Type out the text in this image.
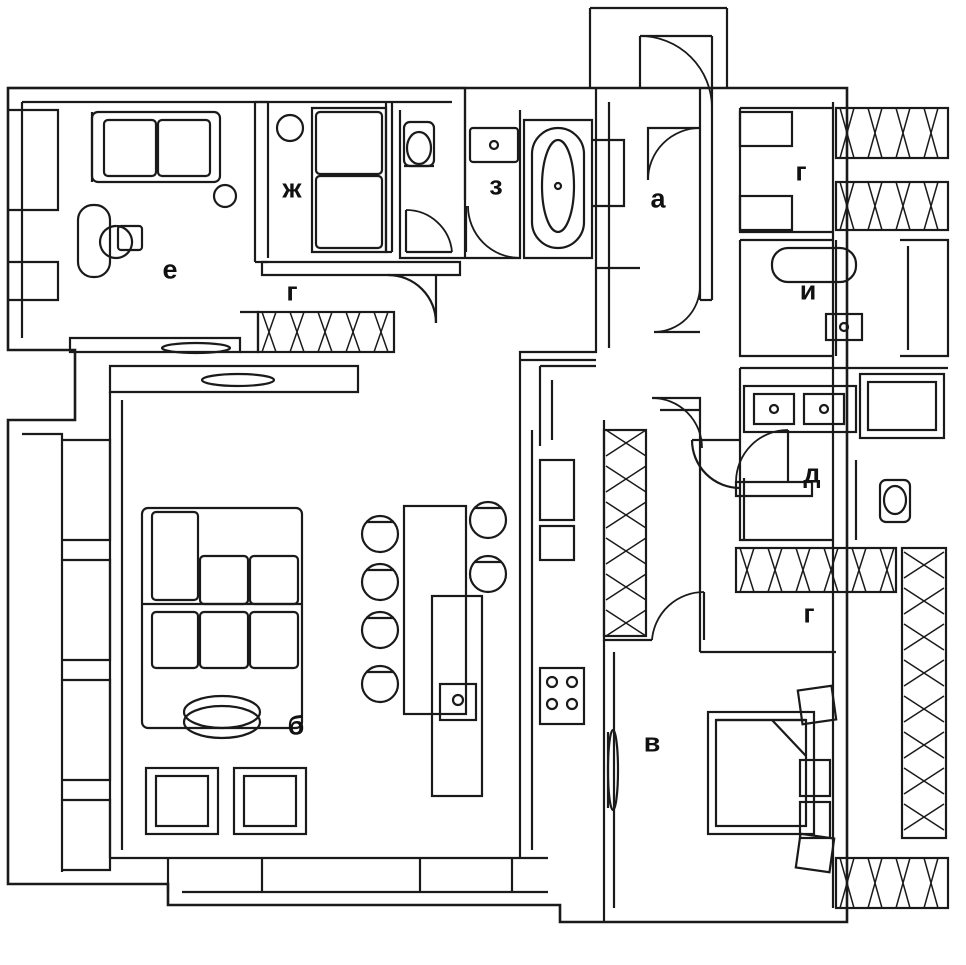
а
б
в
г
г
г
д
е
ж	з
и
